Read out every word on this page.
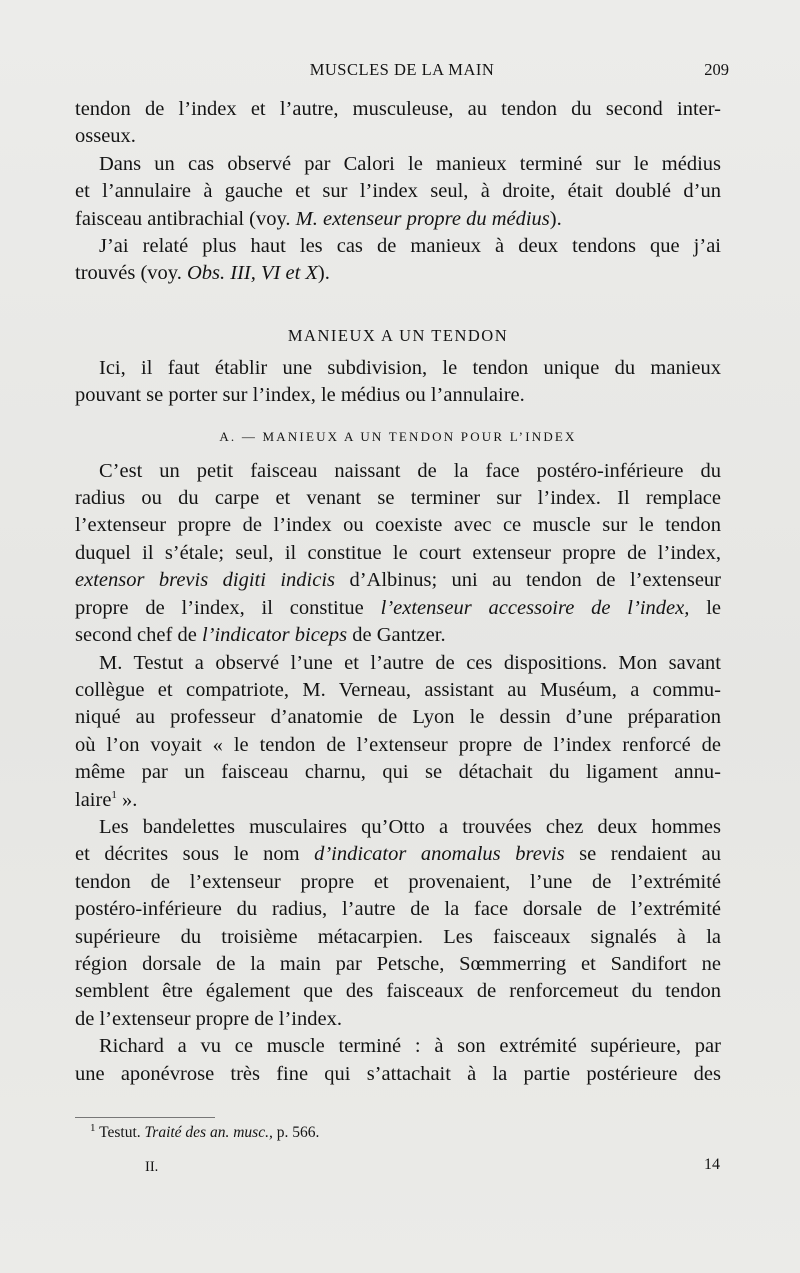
MUSCLES DE LA MAIN	209
tendon de l’index et l’autre, musculeuse, au tendon du second inter-
osseux.
Dans un cas observé par Calori le manieux terminé sur le médius
et l’annulaire à gauche et sur l’index seul, à droite, était doublé d’un
faisceau antibrachial (voy. M. extenseur propre du médius).
J’ai relaté plus haut les cas de manieux à deux tendons que j’ai
trouvés (voy. Obs. III, VI et X).
MANIEUX A UN TENDON
Ici, il faut établir une subdivision, le tendon unique du manieux
pouvant se porter sur l’index, le médius ou l’annulaire.
A. — MANIEUX A UN TENDON POUR L’INDEX
C’est un petit faisceau naissant de la face postéro-inférieure du
radius ou du carpe et venant se terminer sur l’index. Il remplace
l’extenseur propre de l’index ou coexiste avec ce muscle sur le tendon
duquel il s’étale; seul, il constitue le court extenseur propre de l’index,
extensor brevis digiti indicis d’Albinus; uni au tendon de l’extenseur
propre de l’index, il constitue l’extenseur accessoire de l’index, le
second chef de l’indicator biceps de Gantzer.
M. Testut a observé l’une et l’autre de ces dispositions. Mon savant
collègue et compatriote, M. Verneau, assistant au Muséum, a commu-
niqué au professeur d’anatomie de Lyon le dessin d’une préparation
où l’on voyait « le tendon de l’extenseur propre de l’index renforcé de
même par un faisceau charnu, qui se détachait du ligament annu-
laire$^1$ ».
Les bandelettes musculaires qu’Otto a trouvées chez deux hommes
et décrites sous le nom d’indicator anomalus brevis se rendaient au
tendon de l’extenseur propre et provenaient, l’une de l’extrémité
postéro-inférieure du radius, l’autre de la face dorsale de l’extrémité
supérieure du troisième métacarpien. Les faisceaux signalés à la
région dorsale de la main par Petsche, Sœmmerring et Sandifort ne
semblent être également que des faisceaux de renforcemeut du tendon
de l’extenseur propre de l’index.
Richard a vu ce muscle terminé : à son extrémité supérieure, par
une aponévrose très fine qui s’attachait à la partie postérieure des
$^1$ Testut. Traité des an. musc., p. 566.
II.	14
